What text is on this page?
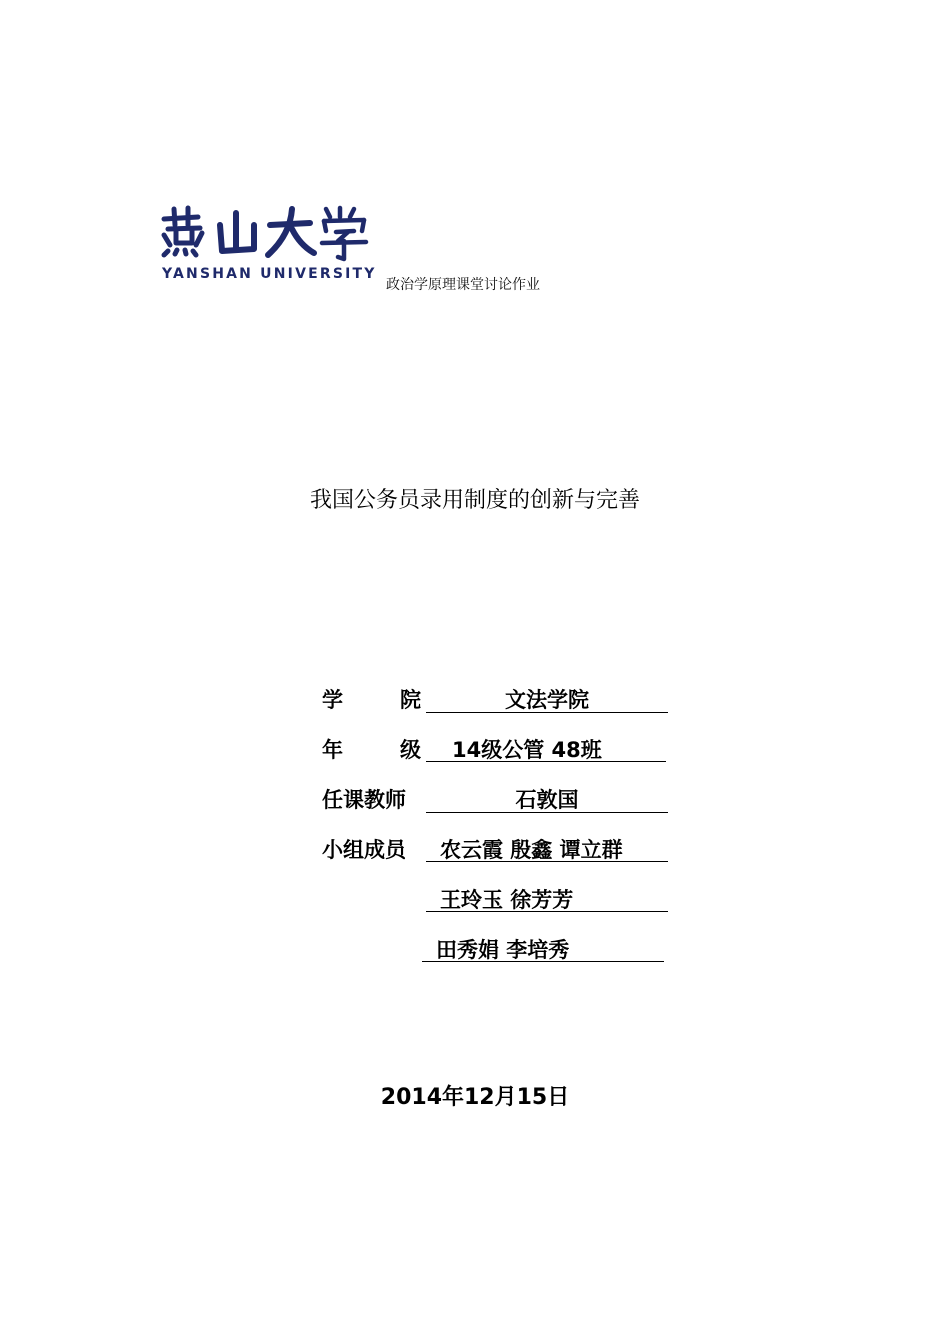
YANSHAN UNIVERSITY
政治学原理课堂讨论作业
我国公务员录用制度的创新与完善
学	院	文法学院
年	级	14级公管 48班
任课教师	石敦国
小组成员	农云霞 殷鑫 谭立群
王玲玉 徐芳芳
田秀娟 李培秀
2014年12月15日
